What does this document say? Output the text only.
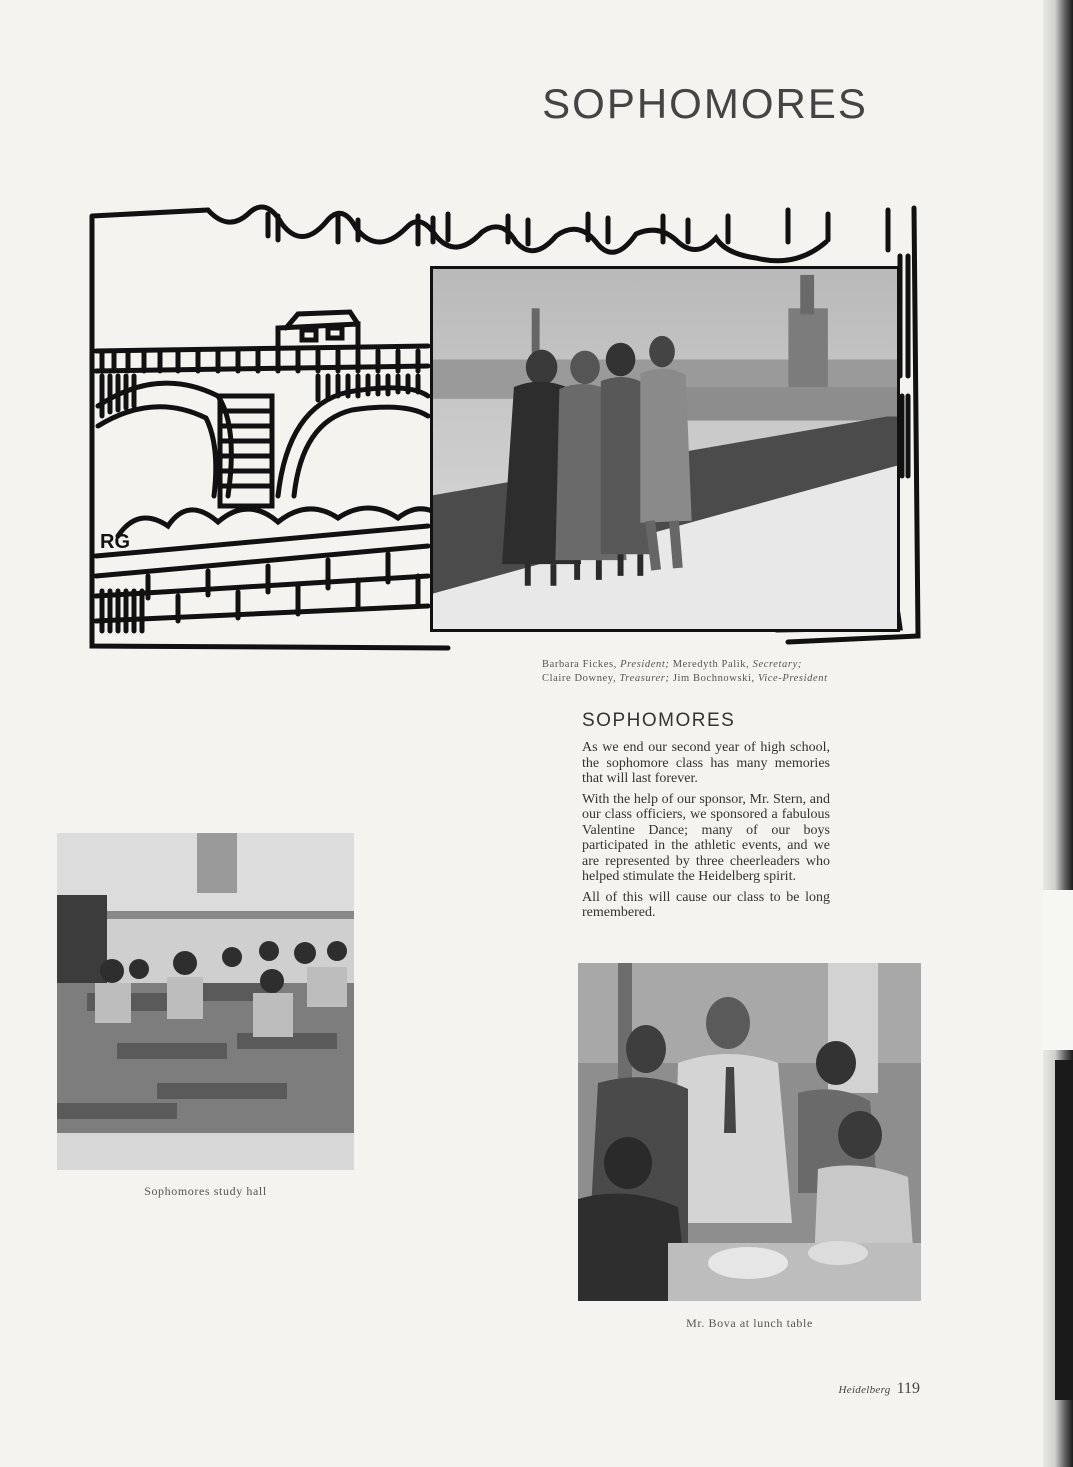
SOPHOMORES
RG
Barbara Fickes, President; Meredyth Palik, Secretary;
Claire Downey, Treasurer; Jim Bochnowski, Vice-President
SOPHOMORES

As we end our second year of high school, the sophomore class has many memories that will last forever.

With the help of our sponsor, Mr. Stern, and our class officiers, we sponsored a fabulous Valentine Dance; many of our boys participated in the athletic events, and we are represented by three cheerleaders who helped stimulate the Heidelberg spirit.

All of this will cause our class to be long remembered.

Sophomores study hall
Mr. Bova at lunch table
Heidelberg 119
